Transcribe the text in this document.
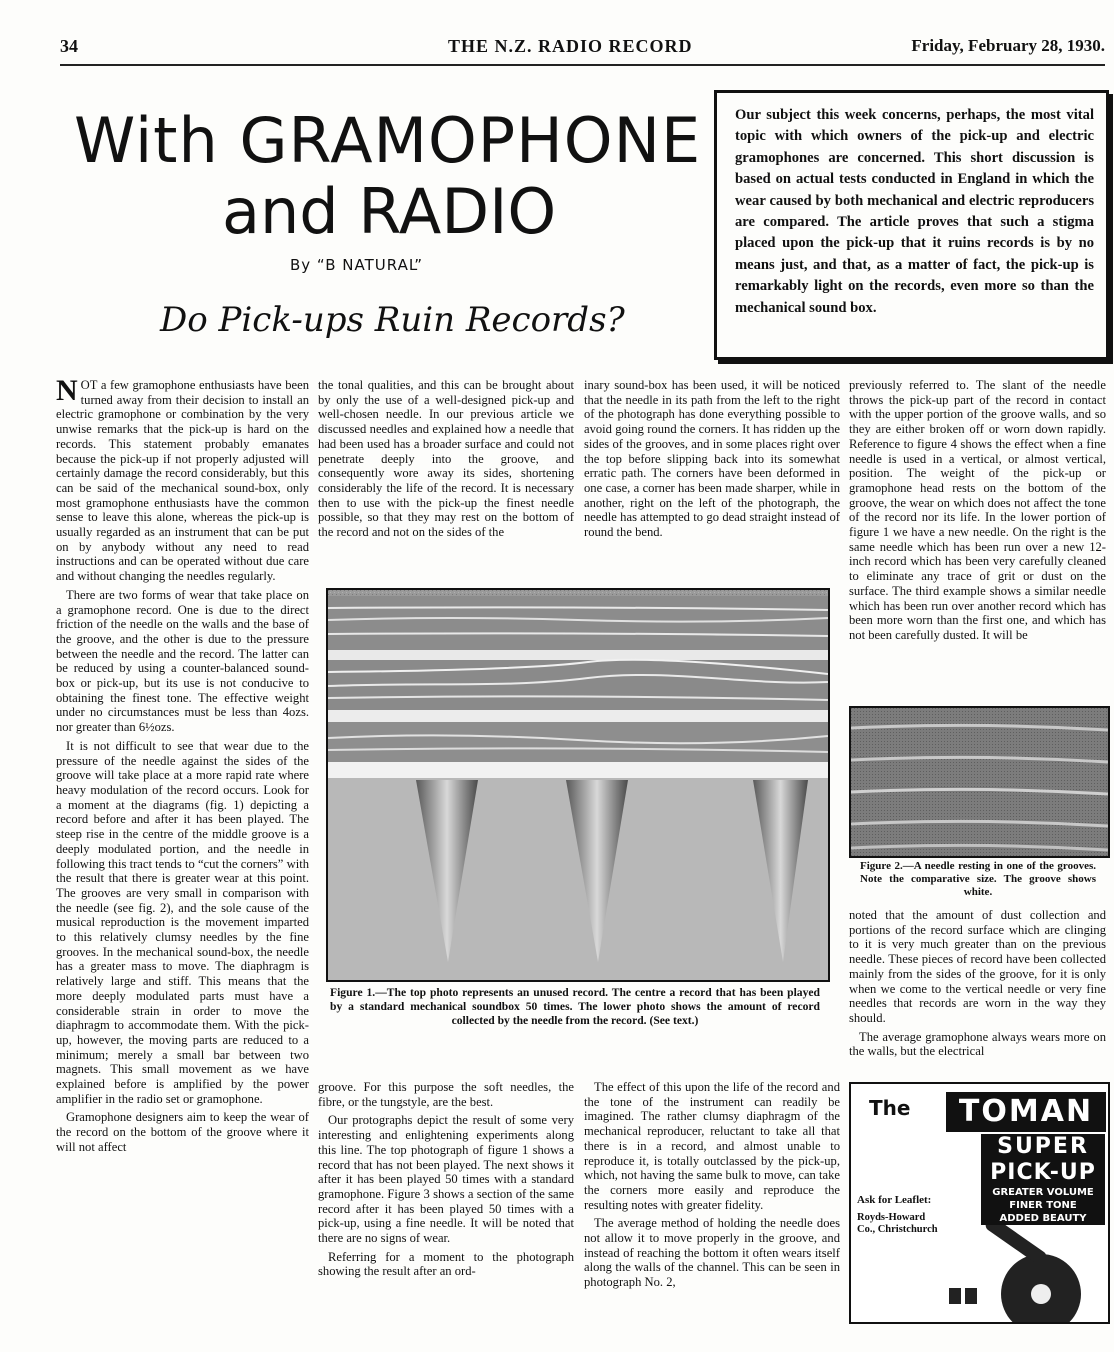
34	THE N.Z. RADIO RECORD	Friday, February 28, 1930.
With GRAMOPHONE
and RADIO
By “B NATURAL”
Do Pick-ups Ruin Records?

Our subject this week concerns, perhaps, the most vital topic with which owners of the pick-up and electric gramophones are concerned. This short discussion is based on actual tests conducted in England in which the wear caused by both mechanical and electric reproducers are compared. The article proves that such a stigma placed upon the pick-up that it ruins records is by no means just, and that, as a matter of fact, the pick-up is remarkably light on the records, even more so than the mechanical sound box.

NOT a few gramophone enthusiasts have been turned away from their decision to install an electric gramophone or combination by the very unwise remarks that the pick-up is hard on the records. This statement probably emanates because the pick-up if not properly adjusted will certainly damage the record considerably, but this can be said of the mechanical sound-box, only most gramophone enthusiasts have the common sense to leave this alone, whereas the pick-up is usually regarded as an instrument that can be put on by anybody without any need to read instructions and can be operated without due care and without changing the needles regularly.

There are two forms of wear that take place on a gramophone record. One is due to the direct friction of the needle on the walls and the base of the groove, and the other is due to the pressure between the needle and the record. The latter can be reduced by using a counter-balanced sound-box or pick-up, but its use is not conducive to obtaining the finest tone. The effective weight under no circumstances must be less than 4ozs. nor greater than 6½ozs.

It is not difficult to see that wear due to the pressure of the needle against the sides of the groove will take place at a more rapid rate where heavy modulation of the record occurs. Look for a moment at the diagrams (fig. 1) depicting a record before and after it has been played. The steep rise in the centre of the middle groove is a deeply modulated portion, and the needle in following this tract tends to “cut the corners” with the result that there is greater wear at this point. The grooves are very small in comparison with the needle (see fig. 2), and the sole cause of the musical reproduction is the movement imparted to this relatively clumsy needles by the fine grooves. In the mechanical sound-box, the needle has a greater mass to move. The diaphragm is relatively large and stiff. This means that the more deeply modulated parts must have a considerable strain in order to move the diaphragm to accommodate them. With the pick-up, however, the moving parts are reduced to a minimum; merely a small bar between two magnets. This small movement as we have explained before is amplified by the power amplifier in the radio set or gramophone.

Gramophone designers aim to keep the wear of the record on the bottom of the groove where it will not affect

the tonal qualities, and this can be brought about by only the use of a well-designed pick-up and well-chosen needle. In our previous article we discussed needles and explained how a needle that had been used has a broader surface and could not penetrate deeply into the groove, and consequently wore away its sides, shortening considerably the life of the record. It is necessary then to use with the pick-up the finest needle possible, so that they may rest on the bottom of the record and not on the sides of the

inary sound-box has been used, it will be noticed that the needle in its path from the left to the right of the photograph has done everything possible to avoid going round the corners. It has ridden up the sides of the grooves, and in some places right over the top before slipping back into its somewhat erratic path. The corners have been deformed in one case, a corner has been made sharper, while in another, right on the left of the photograph, the needle has attempted to go dead straight instead of round the bend.

previously referred to. The slant of the needle throws the pick-up part of the record in contact with the upper portion of the groove walls, and so they are either broken off or worn down rapidly. Reference to figure 4 shows the effect when a fine needle is used in a vertical, or almost vertical, position. The weight of the pick-up or gramophone head rests on the bottom of the groove, the wear on which does not affect the tone of the record nor its life. In the lower portion of figure 1 we have a new needle. On the right is the same needle which has been run over a new 12-inch record which has been very carefully cleaned to eliminate any trace of grit or dust on the surface. The third example shows a similar needle which has been run over another record which has been more worn than the first one, and which has not been carefully dusted. It will be

Figure 1.—The top photo represents an unused record. The centre a record that has been played by a standard mechanical soundbox 50 times. The lower photo shows the amount of record collected by the needle from the record. (See text.)
Figure 2.—A needle resting in one of the grooves. Note the comparative size. The groove shows white.

noted that the amount of dust collection and portions of the record surface which are clinging to it is very much greater than on the previous needle. These pieces of record have been collected mainly from the sides of the groove, for it is only when we come to the vertical needle or very fine needles that records are worn in the way they should.

The average gramophone always wears more on the walls, but the electrical

groove. For this purpose the soft needles, the fibre, or the tungstyle, are the best.

Our protographs depict the result of some very interesting and enlightening experiments along this line. The top photograph of figure 1 shows a record that has not been played. The next shows it after it has been played 50 times with a standard gramophone. Figure 3 shows a section of the same record after it has been played 50 times with a pick-up, using a fine needle. It will be noted that there are no signs of wear.

Referring for a moment to the photograph showing the result after an ord-

The effect of this upon the life of the record and the tone of the instrument can readily be imagined. The rather clumsy diaphragm of the mechanical reproducer, reluctant to take all that there is in a record, and almost unable to reproduce it, is totally outclassed by the pick-up, which, not having the same bulk to move, can take the corners more easily and reproduce the resulting notes with greater fidelity.

The average method of holding the needle does not allow it to move properly in the groove, and instead of reaching the bottom it often wears itself along the walls of the channel. This can be seen in photograph No. 2,

The	TOMAN
SUPER
PICK-UP
GREATER VOLUME
FINER TONE
ADDED BEAUTY
Ask for Leaflet:
Royds-Howard
Co., Christchurch
